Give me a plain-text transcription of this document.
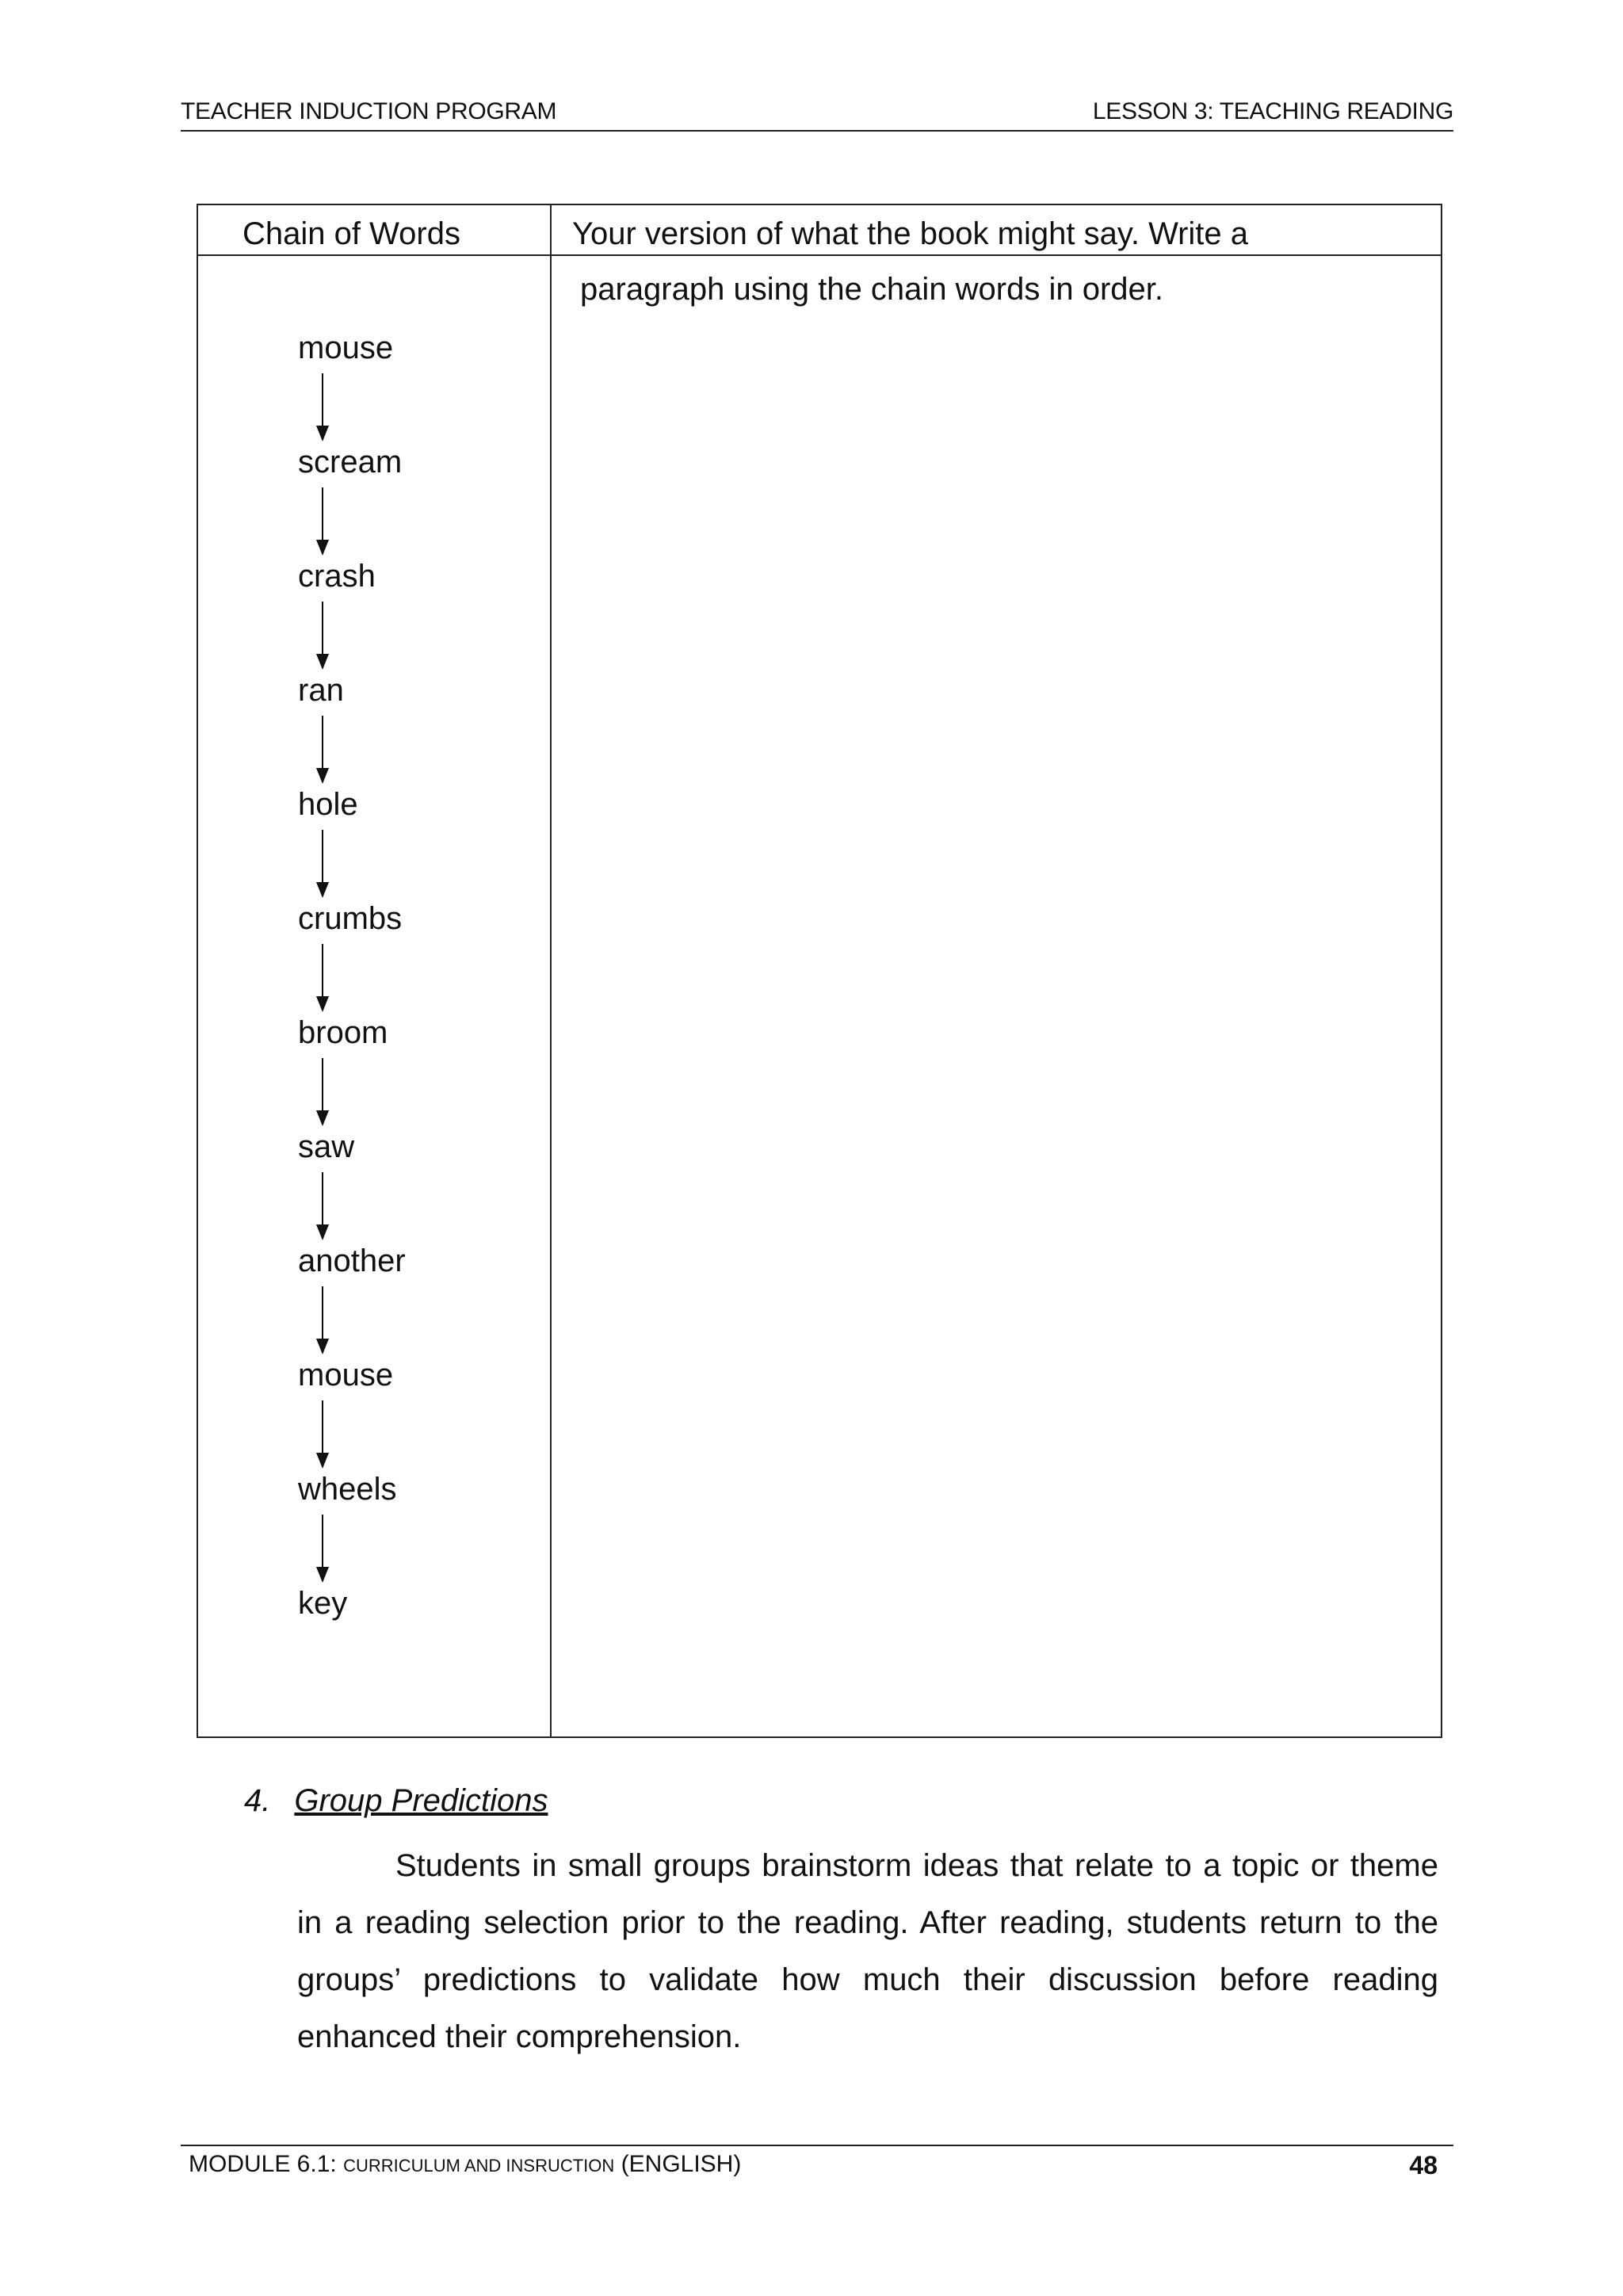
TEACHER INDUCTION PROGRAM	LESSON 3: TEACHING READING
Chain of Words	Your version of what the book might say. Write a
paragraph using the chain words in order.
mouse
scream
crash
ran
hole
crumbs
broom
saw
another
mouse
wheels
key
4. Group Predictions

Students in small groups brainstorm ideas that relate to a topic or theme in a reading selection prior to the reading. After reading, students return to the groups’ predictions to validate how much their discussion before reading enhanced their comprehension.

MODULE 6.1: CURRICULUM AND INSRUCTION (ENGLISH)	48
